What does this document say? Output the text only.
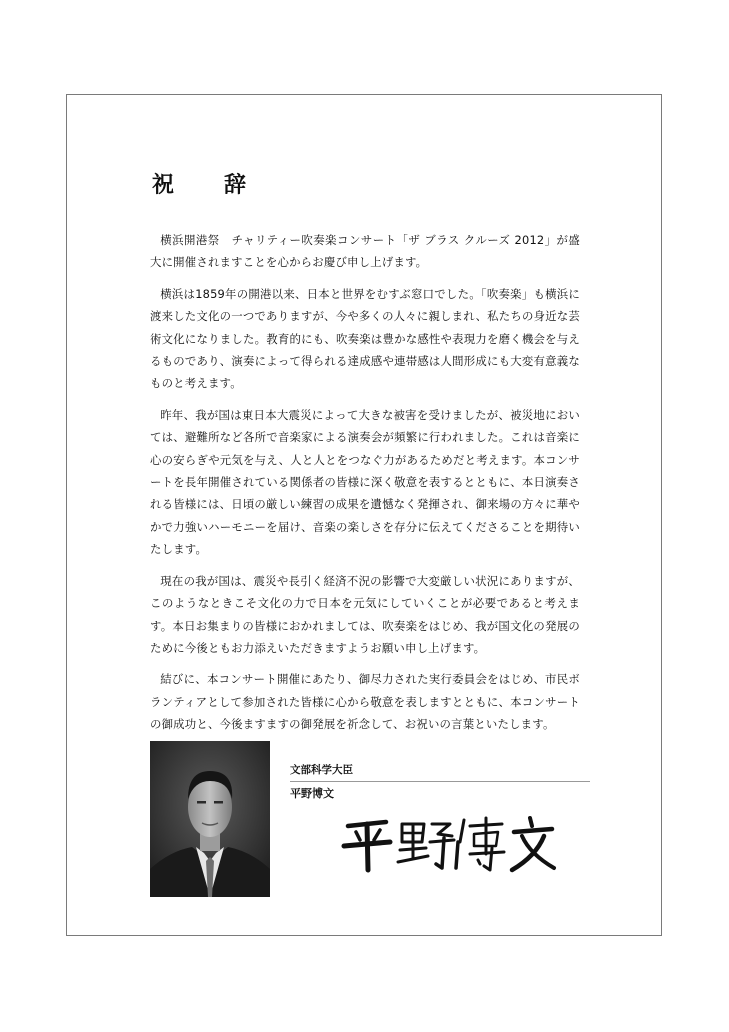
祝　辞

横浜開港祭　チャリティー吹奏楽コンサート「ザ ブラス クルーズ 2012」が盛大に開催されますことを心からお慶び申し上げます。

横浜は1859年の開港以来、日本と世界をむすぶ窓口でした。「吹奏楽」も横浜に渡来した文化の一つでありますが、今や多くの人々に親しまれ、私たちの身近な芸術文化になりました。教育的にも、吹奏楽は豊かな感性や表現力を磨く機会を与えるものであり、演奏によって得られる達成感や連帯感は人間形成にも大変有意義なものと考えます。

昨年、我が国は東日本大震災によって大きな被害を受けましたが、被災地においては、避難所など各所で音楽家による演奏会が頻繁に行われました。これは音楽に心の安らぎや元気を与え、人と人とをつなぐ力があるためだと考えます。本コンサートを長年開催されている関係者の皆様に深く敬意を表するとともに、本日演奏される皆様には、日頃の厳しい練習の成果を遺憾なく発揮され、御来場の方々に華やかで力強いハーモニーを届け、音楽の楽しさを存分に伝えてくださることを期待いたします。

現在の我が国は、震災や長引く経済不況の影響で大変厳しい状況にありますが、このようなときこそ文化の力で日本を元気にしていくことが必要であると考えます。本日お集まりの皆様におかれましては、吹奏楽をはじめ、我が国文化の発展のために今後ともお力添えいただきますようお願い申し上げます。

結びに、本コンサート開催にあたり、御尽力された実行委員会をはじめ、市民ボランティアとして参加された皆様に心から敬意を表しますとともに、本コンサートの御成功と、今後ますますの御発展を祈念して、お祝いの言葉といたします。

文部科学大臣
平野博文
